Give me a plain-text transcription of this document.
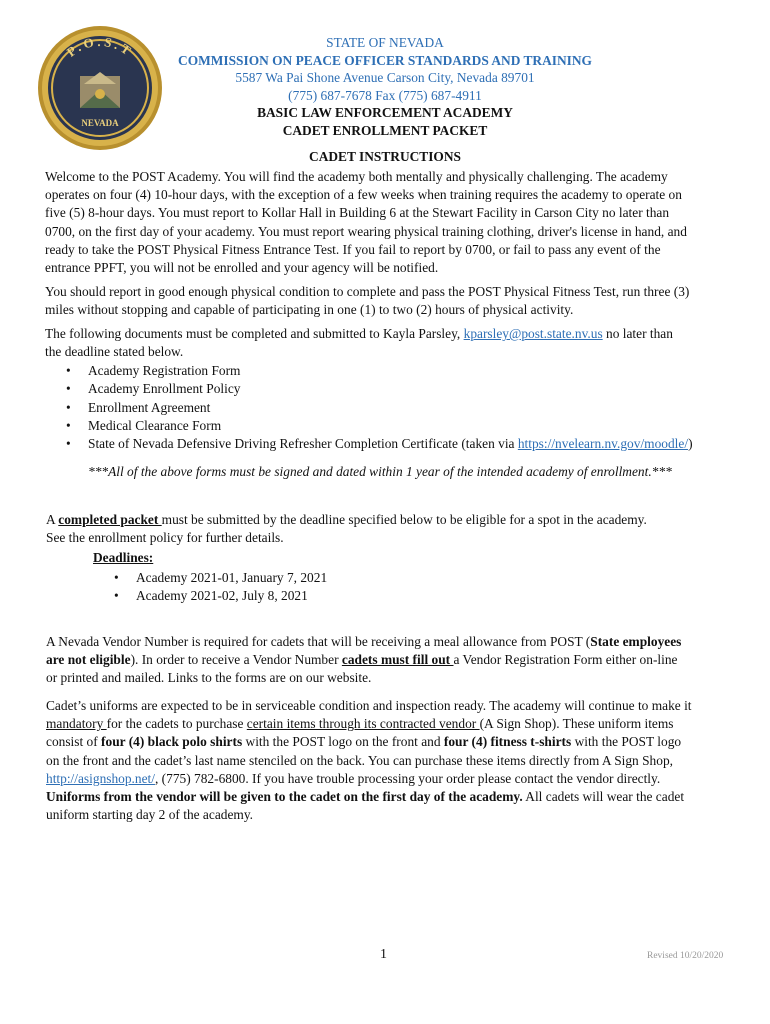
P.O.S.T
NEVADA
STATE OF NEVADA
COMMISSION ON PEACE OFFICER STANDARDS AND TRAINING
5587 Wa Pai Shone Avenue Carson City, Nevada 89701
(775) 687-7678 Fax (775) 687-4911
BASIC LAW ENFORCEMENT ACADEMY
CADET ENROLLMENT PACKET
CADET INSTRUCTIONS
Welcome to the POST Academy. You will find the academy both mentally and physically challenging. The academy
operates on four (4) 10-hour days, with the exception of a few weeks when training requires the academy to operate on
five (5) 8-hour days. You must report to Kollar Hall in Building 6 at the Stewart Facility in Carson City no later than
0700, on the first day of your academy. You must report wearing physical training clothing, driver's license in hand, and
ready to take the POST Physical Fitness Entrance Test. If you fail to report by 0700, or fail to pass any event of the
entrance PPFT, you will not be enrolled and your agency will be notified.
You should report in good enough physical condition to complete and pass the POST Physical Fitness Test, run three (3)
miles without stopping and capable of participating in one (1) to two (2) hours of physical activity.
The following documents must be completed and submitted to Kayla Parsley, kparsley@post.state.nv.us no later than
the deadline stated below.
• Academy Registration Form
• Academy Enrollment Policy
• Enrollment Agreement
• Medical Clearance Form
• State of Nevada Defensive Driving Refresher Completion Certificate (taken via https://nvelearn.nv.gov/moodle/)
***All of the above forms must be signed and dated within 1 year of the intended academy of enrollment.***
A completed packet must be submitted by the deadline specified below to be eligible for a spot in the academy.
See the enrollment policy for further details.
Deadlines:
• Academy 2021-01, January 7, 2021
• Academy 2021-02, July 8, 2021
A Nevada Vendor Number is required for cadets that will be receiving a meal allowance from POST (State employees
are not eligible). In order to receive a Vendor Number cadets must fill out a Vendor Registration Form either on-line
or printed and mailed. Links to the forms are on our website.
Cadet’s uniforms are expected to be in serviceable condition and inspection ready. The academy will continue to make it
mandatory for the cadets to purchase certain items through its contracted vendor (A Sign Shop). These uniform items
consist of four (4) black polo shirts with the POST logo on the front and four (4) fitness t-shirts with the POST logo
on the front and the cadet’s last name stenciled on the back. You can purchase these items directly from A Sign Shop,
http://asignshop.net/, (775) 782-6800. If you have trouble processing your order please contact the vendor directly.
Uniforms from the vendor will be given to the cadet on the first day of the academy. All cadets will wear the cadet
uniform starting day 2 of the academy.
1	Revised 10/20/2020
